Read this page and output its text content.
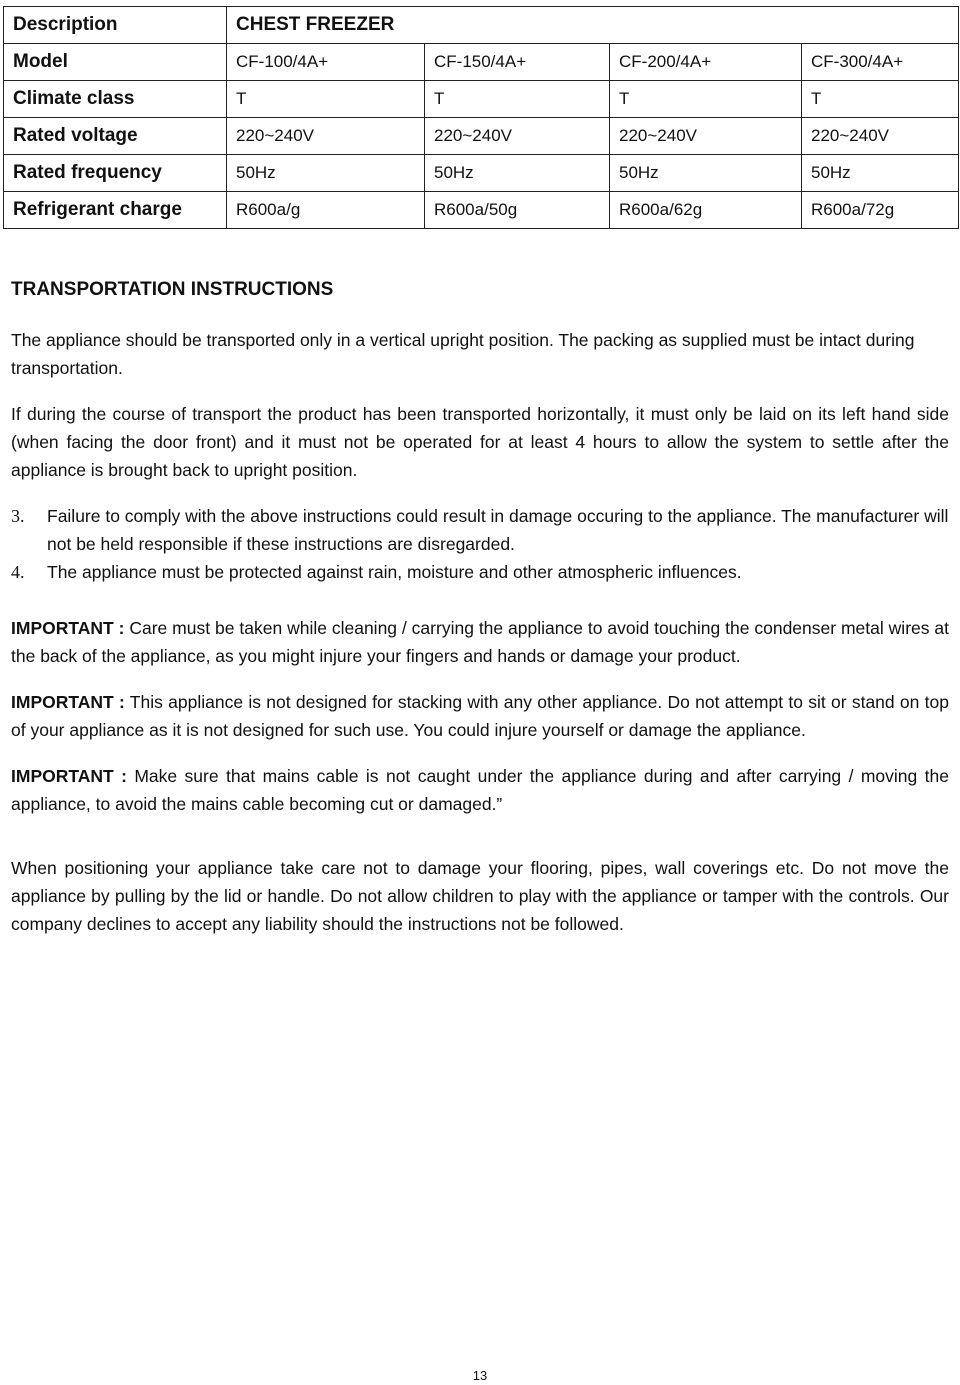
Description	CHEST FREEZER			
Model	CF-100/4A+	CF-150/4A+	CF-200/4A+	CF-300/4A+
Climate class	T	T	T	T
Rated voltage	220~240V	220~240V	220~240V	220~240V
Rated frequency	50Hz	50Hz	50Hz	50Hz
Refrigerant charge	R600a/g	R600a/50g	R600a/62g	R600a/72g
TRANSPORTATION INSTRUCTIONS

The appliance should be transported only in a vertical upright position. The packing as supplied must be intact during transportation.

If during the course of transport the product has been transported horizontally, it must only be laid on its left hand side (when facing the door front) and it must not be operated for at least 4 hours to allow the system to settle after the appliance is brought back to upright position.

3.	Failure to comply with the above instructions could result in damage occuring to the appliance. The manufacturer will not be held responsible if these instructions are disregarded.
4.	The appliance must be protected against rain, moisture and other atmospheric influences.

IMPORTANT : Care must be taken while cleaning / carrying the appliance to avoid touching the condenser metal wires at the back of the appliance, as you might injure your fingers and hands or damage your product.

IMPORTANT : This appliance is not designed for stacking with any other appliance. Do not attempt to sit or stand on top of your appliance as it is not designed for such use. You could injure yourself or damage the appliance.

IMPORTANT : Make sure that mains cable is not caught under the appliance during and after carrying / moving the appliance, to avoid the mains cable becoming cut or damaged.”

When positioning your appliance take care not to damage your flooring, pipes, wall coverings etc. Do not move the appliance by pulling by the lid or handle. Do not allow children to play with the appliance or tamper with the controls. Our company declines to accept any liability should the instructions not be followed.

13
